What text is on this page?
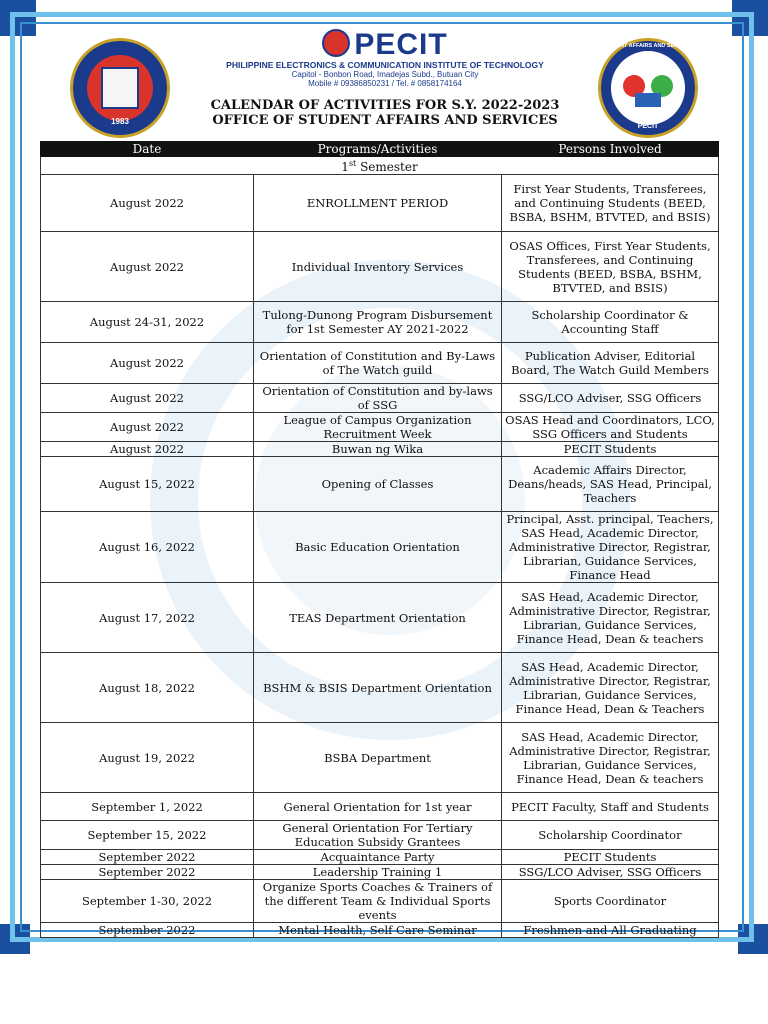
1983
PECIT
STUDENT AFFAIRS AND SERVICES
PECIT
PHILIPPINE ELECTRONICS & COMMUNICATION INSTITUTE OF TECHNOLOGY
Capitol - Bonbon Road, Imadejas Subd., Butuan City
Mobile # 09386850231 / Tel. # 0858174164
CALENDAR OF ACTIVITIES FOR S.Y. 2022-2023
OFFICE OF STUDENT AFFAIRS AND SERVICES
Date	Programs/Activities	Persons Involved
1st Semester		
August 2022	ENROLLMENT PERIOD	First Year Students, Transferees, and Continuing Students (BEED, BSBA, BSHM, BTVTED, and BSIS)
August 2022	Individual Inventory Services	OSAS Offices, First Year Students, Transferees, and Continuing Students (BEED, BSBA, BSHM, BTVTED, and BSIS)
August 24-31, 2022	Tulong-Dunong Program Disbursement for 1st Semester AY 2021-2022	Scholarship Coordinator & Accounting Staff
August 2022	Orientation of Constitution and By-Laws of The Watch guild	Publication Adviser, Editorial Board, The Watch Guild Members
August 2022	Orientation of Constitution and by-laws of SSG	SSG/LCO Adviser, SSG Officers
August 2022	League of Campus Organization Recruitment Week	OSAS Head and Coordinators, LCO, SSG Officers and Students
August 2022	Buwan ng Wika	PECIT Students
August 15, 2022	Opening of Classes	Academic Affairs Director, Deans/heads, SAS Head, Principal, Teachers
August 16, 2022	Basic Education Orientation	Principal, Asst. principal, Teachers, SAS Head, Academic Director, Administrative Director, Registrar, Librarian, Guidance Services, Finance Head
August 17, 2022	TEAS Department Orientation	SAS Head, Academic Director, Administrative Director, Registrar, Librarian, Guidance Services, Finance Head, Dean & teachers
August 18, 2022	BSHM & BSIS Department Orientation	SAS Head, Academic Director, Administrative Director, Registrar, Librarian, Guidance Services, Finance Head, Dean & Teachers
August 19, 2022	BSBA Department	SAS Head, Academic Director, Administrative Director, Registrar, Librarian, Guidance Services, Finance Head, Dean & teachers
September 1, 2022	General Orientation for 1st year	PECIT Faculty, Staff and Students
September 15, 2022	General Orientation For Tertiary Education Subsidy Grantees	Scholarship Coordinator
September 2022	Acquaintance Party	PECIT Students
September 2022	Leadership Training 1	SSG/LCO Adviser, SSG Officers
September 1-30, 2022	Organize Sports Coaches & Trainers of the different Team & Individual Sports events	Sports Coordinator
September 2022	Mental Health, Self Care Seminar	Freshmen and All Graduating
